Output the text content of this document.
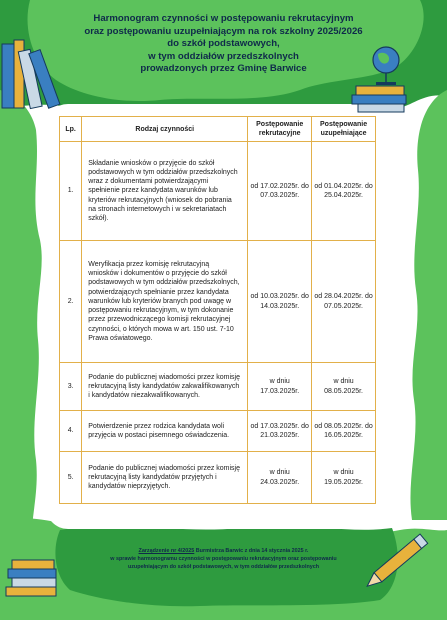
Harmonogram czynności w postępowaniu rekrutacyjnym
oraz postępowaniu uzupełniającym na rok szkolny 2025/2026
do szkół podstawowych,
w tym oddziałów przedszkolnych
prowadzonych przez Gminę Barwice
Lp.	Rodzaj czynności	Postępowanie rekrutacyjne	Postępowanie uzupełniające
1.	Składanie wniosków o przyjęcie do szkół podstawowych w tym oddziałów przedszkolnych wraz z dokumentami potwierdzającymi spełnienie przez kandydata warunków lub kryteriów rekrutacyjnych (wniosek do pobrania na stronach internetowych i w sekretariatach szkół).	od 17.02.2025r. do 07.03.2025r.	od 01.04.2025r. do 25.04.2025r.
2.	Weryfikacja przez komisję rekrutacyjną wniosków i dokumentów o przyjęcie do szkół podstawowych w tym oddziałów przedszkolnych, potwierdzających spełnianie przez kandydata warunków lub kryteriów branych pod uwagę w postępowaniu rekrutacyjnym, w tym dokonanie przez przewodniczącego komisji rekrutacyjnej czynności, o których mowa w art. 150 ust. 7-10 Prawa oświatowego.	od 10.03.2025r. do 14.03.2025r.	od 28.04.2025r. do 07.05.2025r.
3.	Podanie do publicznej wiadomości przez komisję rekrutacyjną listy kandydatów zakwalifikowanych i kandydatów niezakwalifikowanych.	w dniu 17.03.2025r.	w dniu 08.05.2025r.
4.	Potwierdzenie przez rodzica kandydata woli przyjęcia w postaci pisemnego oświadczenia.	od 17.03.2025r. do 21.03.2025r.	od 08.05.2025r. do 16.05.2025r.
5.	Podanie do publicznej wiadomości przez komisję rekrutacyjną listy kandydatów przyjętych i kandydatów nieprzyjętych.	w dniu 24.03.2025r.	w dniu 19.05.2025r.
Zarządzenie nr 4/2025 Burmistrza Barwic z dnia 14 stycznia 2025 r.
w sprawie harmonogramu czynności w postępowaniu rekrutacyjnym oraz postępowaniu
uzupełniającym do szkół podstawowych, w tym oddziałów przedszkolnych
